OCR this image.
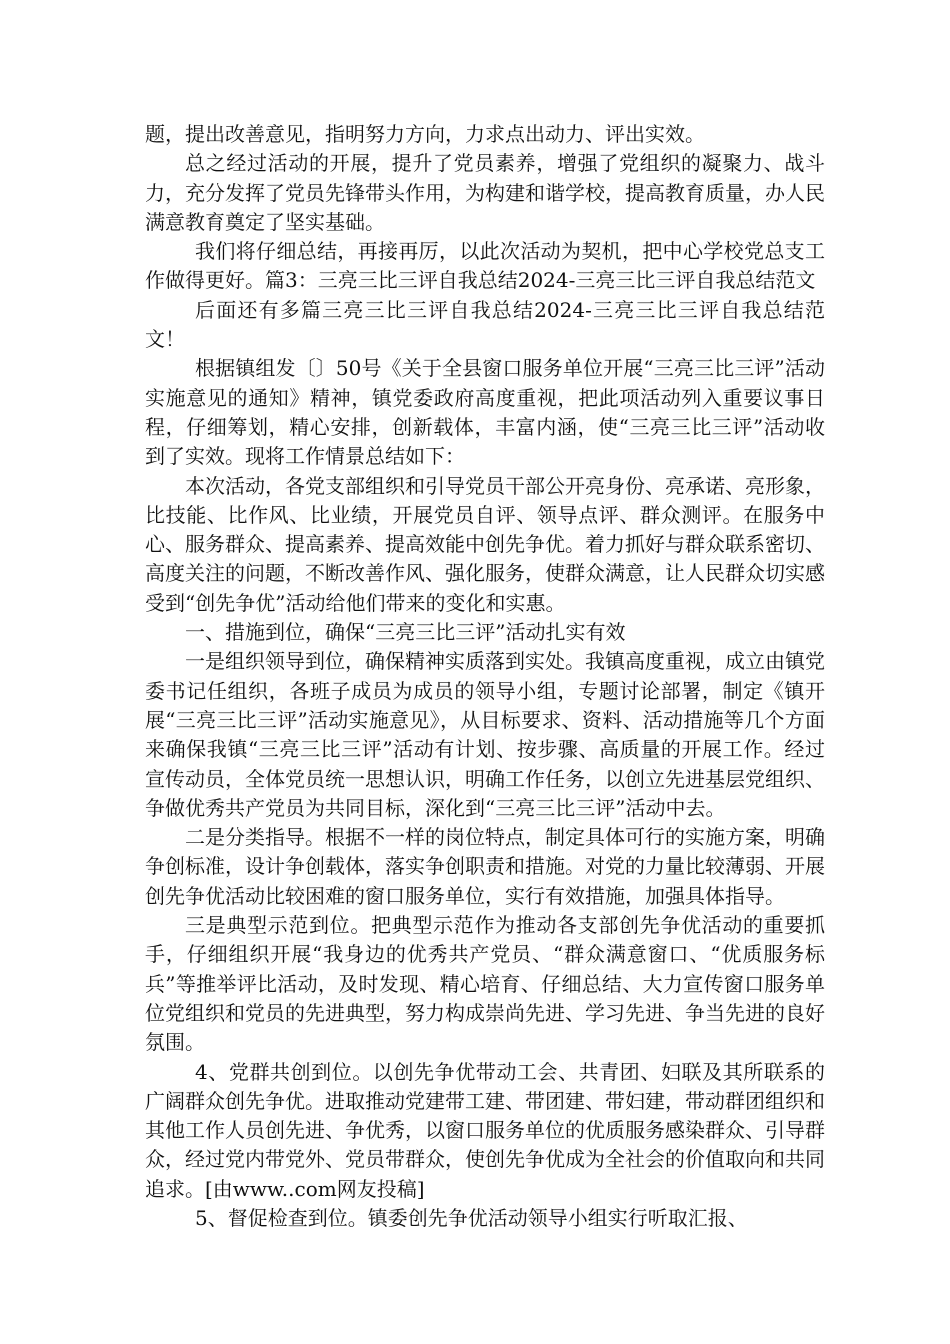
题，提出改善意见，指明努力方向，力求点出动力、评出实效。

总之经过活动的开展，提升了党员素养，增强了党组织的凝聚力、战斗力，充分发挥了党员先锋带头作用，为构建和谐学校，提高教育质量，办人民满意教育奠定了坚实基础。

我们将仔细总结，再接再厉，以此次活动为契机，把中心学校党总支工作做得更好。篇3：三亮三比三评自我总结2024-三亮三比三评自我总结范文

后面还有多篇三亮三比三评自我总结2024-三亮三比三评自我总结范文！

根据镇组发〔〕50号《关于全县窗口服务单位开展“三亮三比三评”活动实施意见的通知》精神，镇党委政府高度重视，把此项活动列入重要议事日程，仔细筹划，精心安排，创新载体，丰富内涵，使“三亮三比三评”活动收到了实效。现将工作情景总结如下：

本次活动，各党支部组织和引导党员干部公开亮身份、亮承诺、亮形象，比技能、比作风、比业绩，开展党员自评、领导点评、群众测评。在服务中心、服务群众、提高素养、提高效能中创先争优。着力抓好与群众联系密切、高度关注的问题，不断改善作风、强化服务，使群众满意，让人民群众切实感受到“创先争优”活动给他们带来的变化和实惠。

一、措施到位，确保“三亮三比三评”活动扎实有效

一是组织领导到位，确保精神实质落到实处。我镇高度重视，成立由镇党委书记任组织，各班子成员为成员的领导小组，专题讨论部署，制定《镇开展“三亮三比三评”活动实施意见》，从目标要求、资料、活动措施等几个方面来确保我镇“三亮三比三评”活动有计划、按步骤、高质量的开展工作。经过宣传动员，全体党员统一思想认识，明确工作任务，以创立先进基层党组织、争做优秀共产党员为共同目标，深化到“三亮三比三评”活动中去。

二是分类指导。根据不一样的岗位特点，制定具体可行的实施方案，明确争创标准，设计争创载体，落实争创职责和措施。对党的力量比较薄弱、开展创先争优活动比较困难的窗口服务单位，实行有效措施，加强具体指导。

三是典型示范到位。把典型示范作为推动各支部创先争优活动的重要抓手，仔细组织开展“我身边的优秀共产党员、“群众满意窗口、“优质服务标兵”等推举评比活动，及时发现、精心培育、仔细总结、大力宣传窗口服务单位党组织和党员的先进典型，努力构成崇尚先进、学习先进、争当先进的良好氛围。

4、党群共创到位。以创先争优带动工会、共青团、妇联及其所联系的广阔群众创先争优。进取推动党建带工建、带团建、带妇建，带动群团组织和其他工作人员创先进、争优秀，以窗口服务单位的优质服务感染群众、引导群众，经过党内带党外、党员带群众，使创先争优成为全社会的价值取向和共同追求。[由www..com网友投稿]

5、督促检查到位。镇委创先争优活动领导小组实行听取汇报、
